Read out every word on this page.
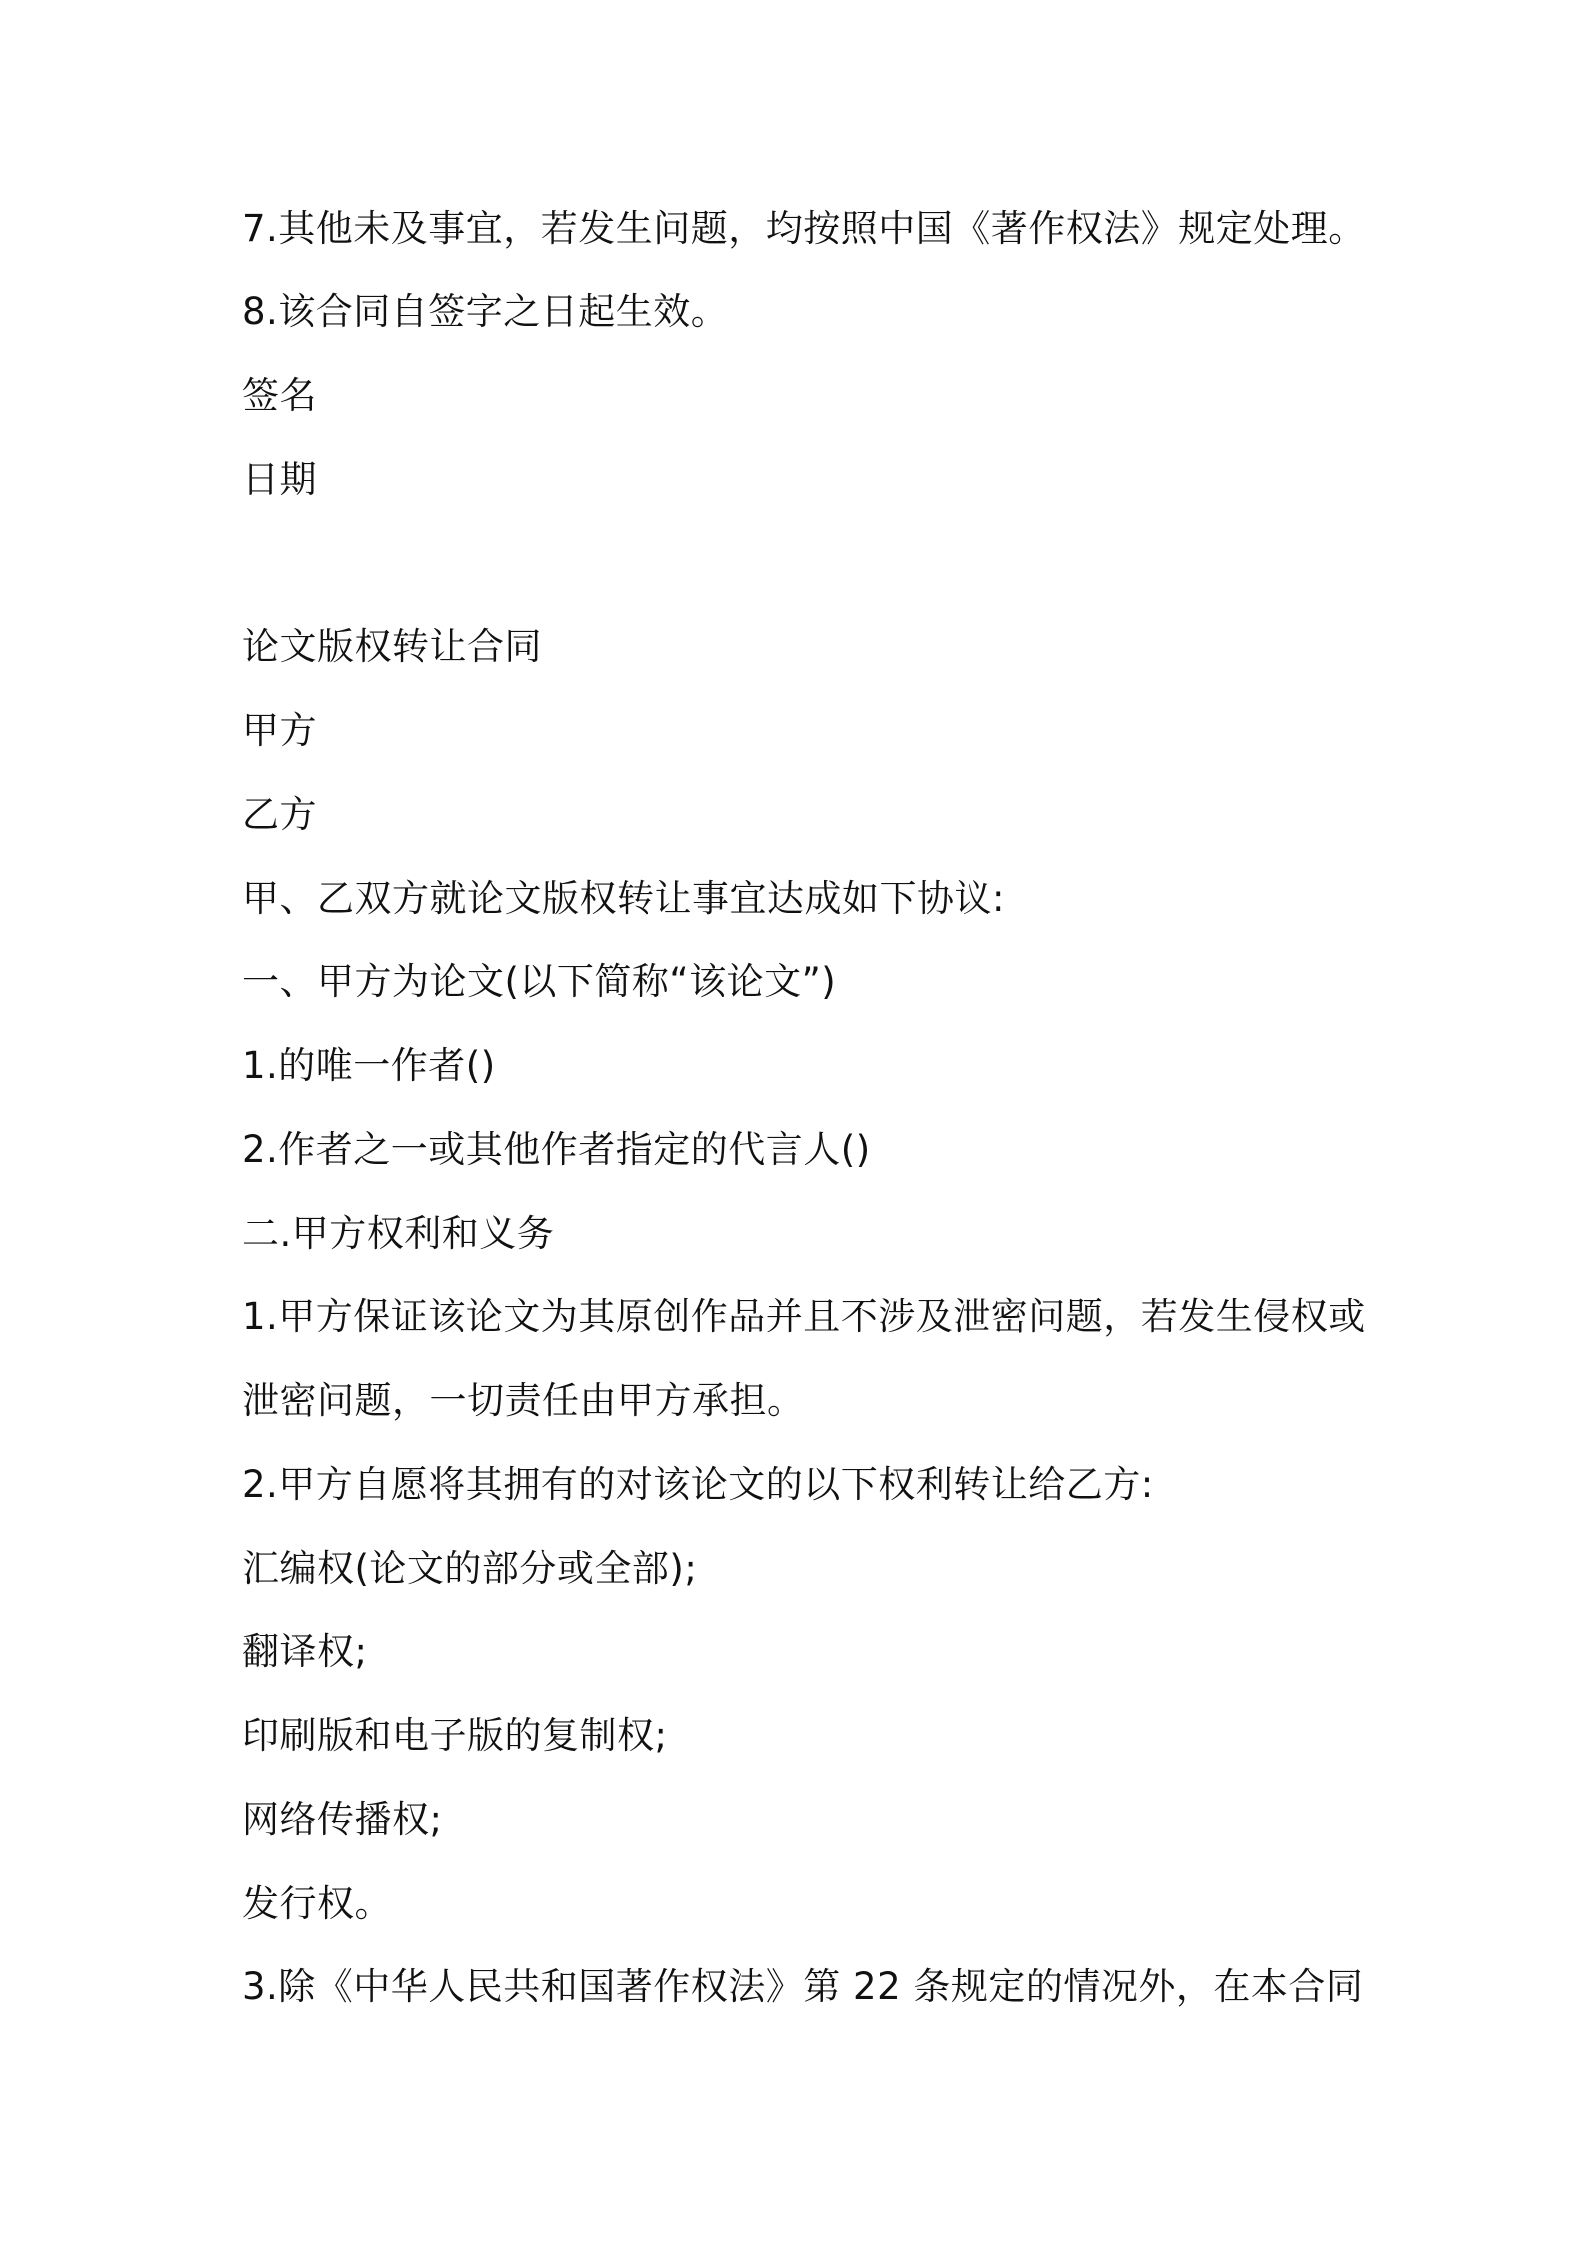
7.其他未及事宜，若发生问题，均按照中国《著作权法》规定处理。
8.该合同自签字之日起生效。
签名
日期
论文版权转让合同
甲方
乙方
甲、乙双方就论文版权转让事宜达成如下协议:
一、甲方为论文(以下简称“该论文”)
1.的唯一作者()
2.作者之一或其他作者指定的代言人()
二.甲方权利和义务
1.甲方保证该论文为其原创作品并且不涉及泄密问题，若发生侵权或
泄密问题，一切责任由甲方承担。
2.甲方自愿将其拥有的对该论文的以下权利转让给乙方:
汇编权(论文的部分或全部);
翻译权;
印刷版和电子版的复制权;
网络传播权;
发行权。
3.除《中华人民共和国著作权法》第 22 条规定的情况外，在本合同
